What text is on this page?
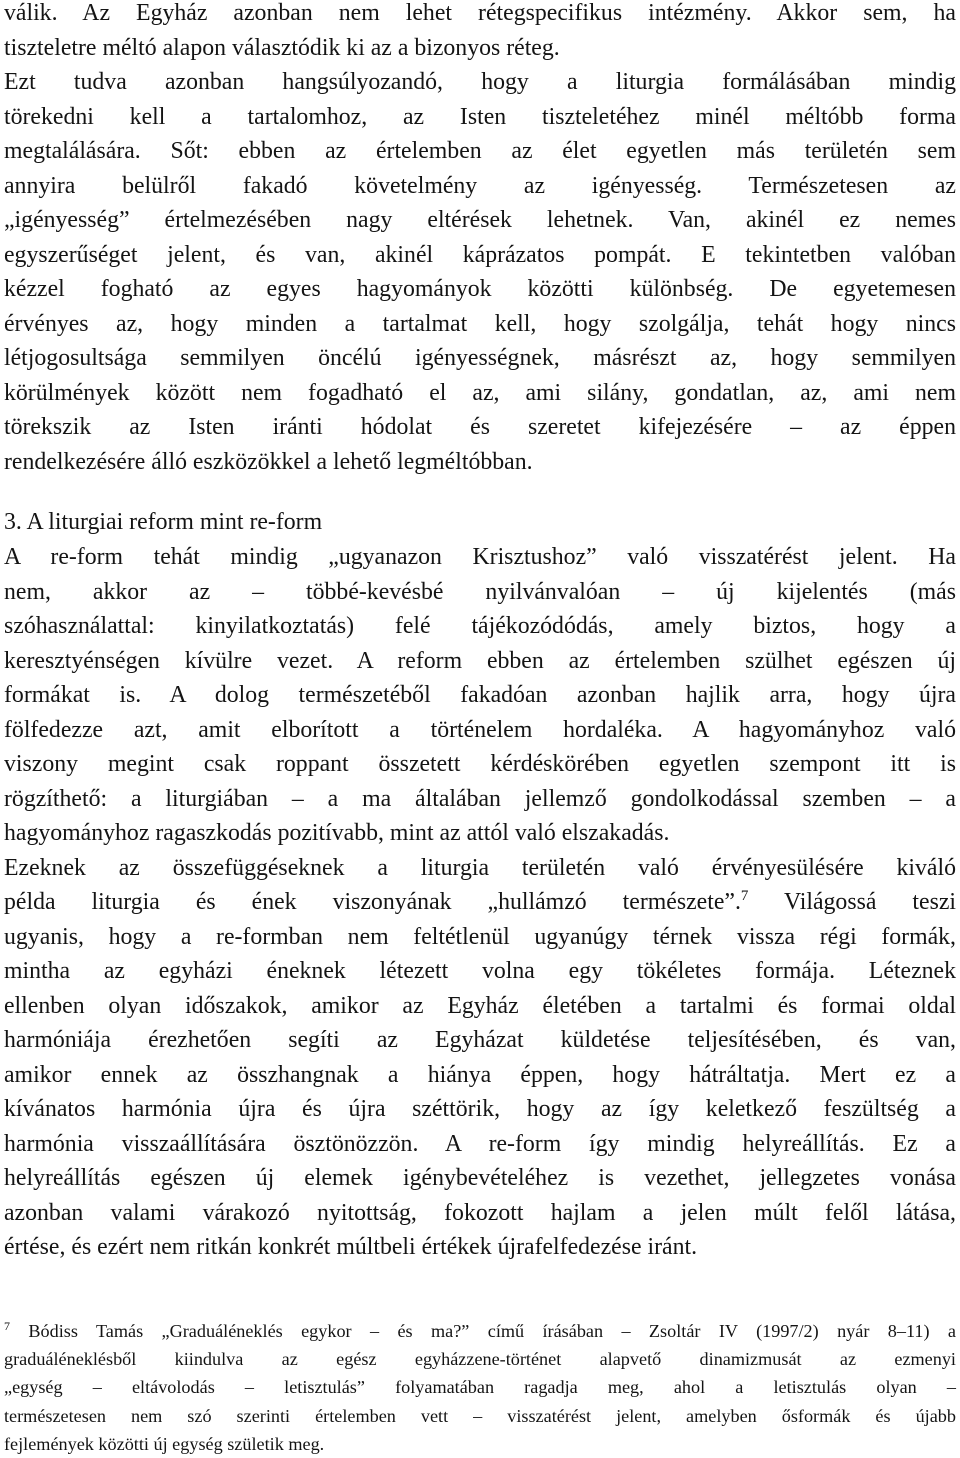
válik. Az Egyház azonban nem lehet rétegspecifikus intézmény. Akkor sem, ha

tiszteletre méltó alapon választódik ki az a bizonyos réteg.

Ezt tudva azonban hangsúlyozandó, hogy a liturgia formálásában mindig

törekedni kell a tartalomhoz, az Isten tiszteletéhez minél méltóbb forma

megtalálására. Sőt: ebben az értelemben az élet egyetlen más területén sem

annyira belülről fakadó követelmény az igényesség. Természetesen az

„igényesség” értelmezésében nagy eltérések lehetnek. Van, akinél ez nemes

egyszerűséget jelent, és van, akinél káprázatos pompát. E tekintetben valóban

kézzel fogható az egyes hagyományok közötti különbség. De egyetemesen

érvényes az, hogy minden a tartalmat kell, hogy szolgálja, tehát hogy nincs

létjogosultsága semmilyen öncélú igényességnek, másrészt az, hogy semmilyen

körülmények között nem fogadható el az, ami silány, gondatlan, az, ami nem

törekszik az Isten iránti hódolat és szeretet kifejezésére – az éppen

rendelkezésére álló eszközökkel a lehető legméltóbban.

3. A liturgiai reform mint re-form

A re-form tehát mindig „ugyanazon Krisztushoz” való visszatérést jelent. Ha

nem, akkor az – többé-kevésbé nyilvánvalóan – új kijelentés (más

szóhasználattal: kinyilatkoztatás) felé tájékozódódás, amely biztos, hogy a

keresztyénségen kívülre vezet. A reform ebben az értelemben szülhet egészen új

formákat is. A dolog természetéből fakadóan azonban hajlik arra, hogy újra

fölfedezze azt, amit elborított a történelem hordaléka. A hagyományhoz való

viszony megint csak roppant összetett kérdéskörében egyetlen szempont itt is

rögzíthető: a liturgiában – a ma általában jellemző gondolkodással szemben – a

hagyományhoz ragaszkodás pozitívabb, mint az attól való elszakadás.

Ezeknek az összefüggéseknek a liturgia területén való érvényesülésére kiváló

példa liturgia és ének viszonyának „hullámzó természete”.$^7$ Világossá teszi

ugyanis, hogy a re-formban nem feltétlenül ugyanúgy térnek vissza régi formák,

mintha az egyházi éneknek létezett volna egy tökéletes formája. Léteznek

ellenben olyan időszakok, amikor az Egyház életében a tartalmi és formai oldal

harmóniája érezhetően segíti az Egyházat küldetése teljesítésében, és van,

amikor ennek az összhangnak a hiánya éppen, hogy hátráltatja. Mert ez a

kívánatos harmónia újra és újra széttörik, hogy az így keletkező feszültség a

harmónia visszaállítására ösztönözzön. A re-form így mindig helyreállítás. Ez a

helyreállítás egészen új elemek igénybevételéhez is vezethet, jellegzetes vonása

azonban valami várakozó nyitottság, fokozott hajlam a jelen múlt felől látása,

értése, és ezért nem ritkán konkrét múltbeli értékek újrafelfedezése iránt.

$^7$ Bódiss Tamás „Graduáléneklés egykor – és ma?” című írásában – Zsoltár IV (1997/2) nyár 8–11) a

graduáléneklésből kiindulva az egész egyházzene-történet alapvető dinamizmusát az ezmenyi

„egység – eltávolodás – letisztulás” folyamatában ragadja meg, ahol a letisztulás olyan –

természetesen nem szó szerinti értelemben vett – visszatérést jelent, amelyben ősformák és újabb

fejlemények közötti új egység születik meg.
